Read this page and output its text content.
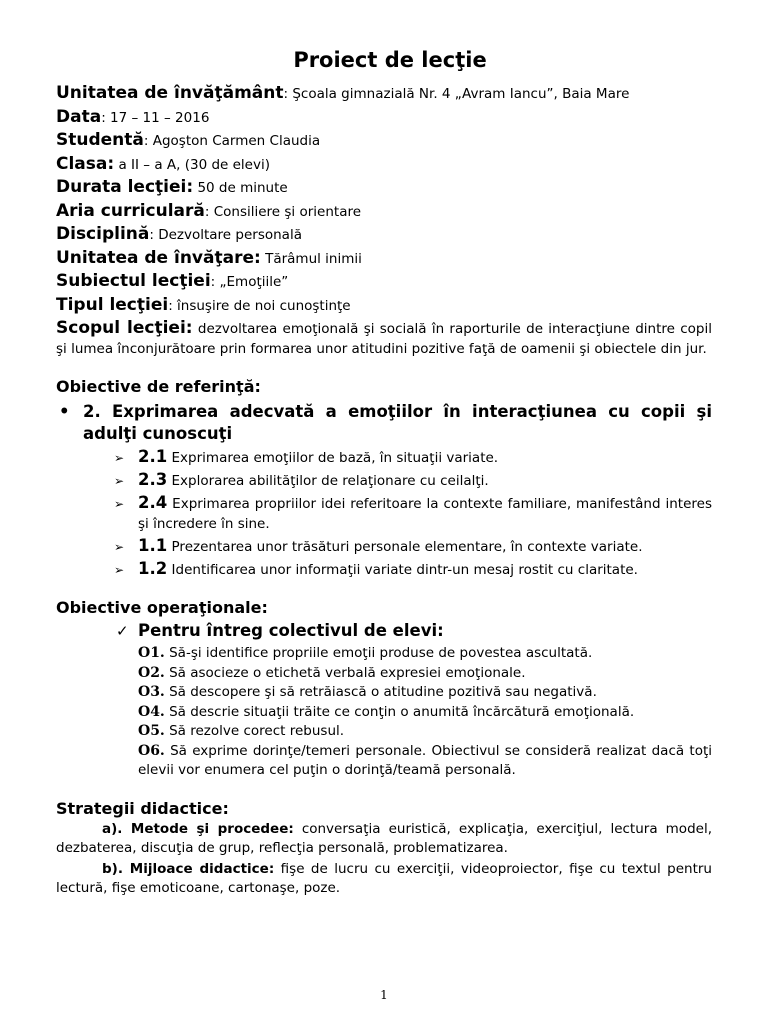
Proiect de lecţie
Unitatea de învăţământ: Şcoala gimnazială Nr. 4 „Avram Iancu”, Baia Mare
Data: 17 – 11 – 2016
Studentă: Agoşton Carmen Claudia
Clasa: a II – a A, (30 de elevi)
Durata lecţiei: 50 de minute
Aria curriculară: Consiliere şi orientare
Disciplină: Dezvoltare personală
Unitatea de învăţare: Tărâmul inimii
Subiectul lecţiei: „Emoţiile”
Tipul lecţiei: însuşire de noi cunoştinţe
Scopul lecţiei: dezvoltarea emoţională şi socială în raporturile de interacţiune dintre copil şi lumea înconjurătoare prin formarea unor atitudini pozitive faţă de oamenii şi obiectele din jur.
Obiective de referinţă:
• 2. Exprimarea adecvată a emoţiilor în interacţiunea cu copii şi adulţi cunoscuţi
➢ 2.1 Exprimarea emoţiilor de bază, în situaţii variate.
➢ 2.3 Explorarea abilităţilor de relaţionare cu ceilalţi.
➢ 2.4 Exprimarea propriilor idei referitoare la contexte familiare, manifestând interes şi încredere în sine.
➢ 1.1 Prezentarea unor trăsături personale elementare, în contexte variate.
➢ 1.2 Identificarea unor informaţii variate dintr-un mesaj rostit cu claritate.
Obiective operaţionale:
✓ Pentru întreg colectivul de elevi:
O1. Să-şi identifice propriile emoţii produse de povestea ascultată.
O2. Să asocieze o etichetă verbală expresiei emoţionale.
O3. Să descopere şi să retrăiască o atitudine pozitivă sau negativă.
O4. Să descrie situaţii trăite ce conţin o anumită încărcătură emoţională.
O5. Să rezolve corect rebusul.
O6. Să exprime dorinţe/temeri personale. Obiectivul se consideră realizat dacă toţi elevii vor enumera cel puţin o dorinţă/teamă personală.
Strategii didactice:
a). Metode şi procedee: conversaţia euristică, explicaţia, exerciţiul, lectura model, dezbaterea, discuţia de grup, reflecţia personală, problematizarea.
b). Mijloace didactice: fişe de lucru cu exerciţii, videoproiector, fişe cu textul pentru lectură, fişe emoticoane, cartonaşe, poze.
1
